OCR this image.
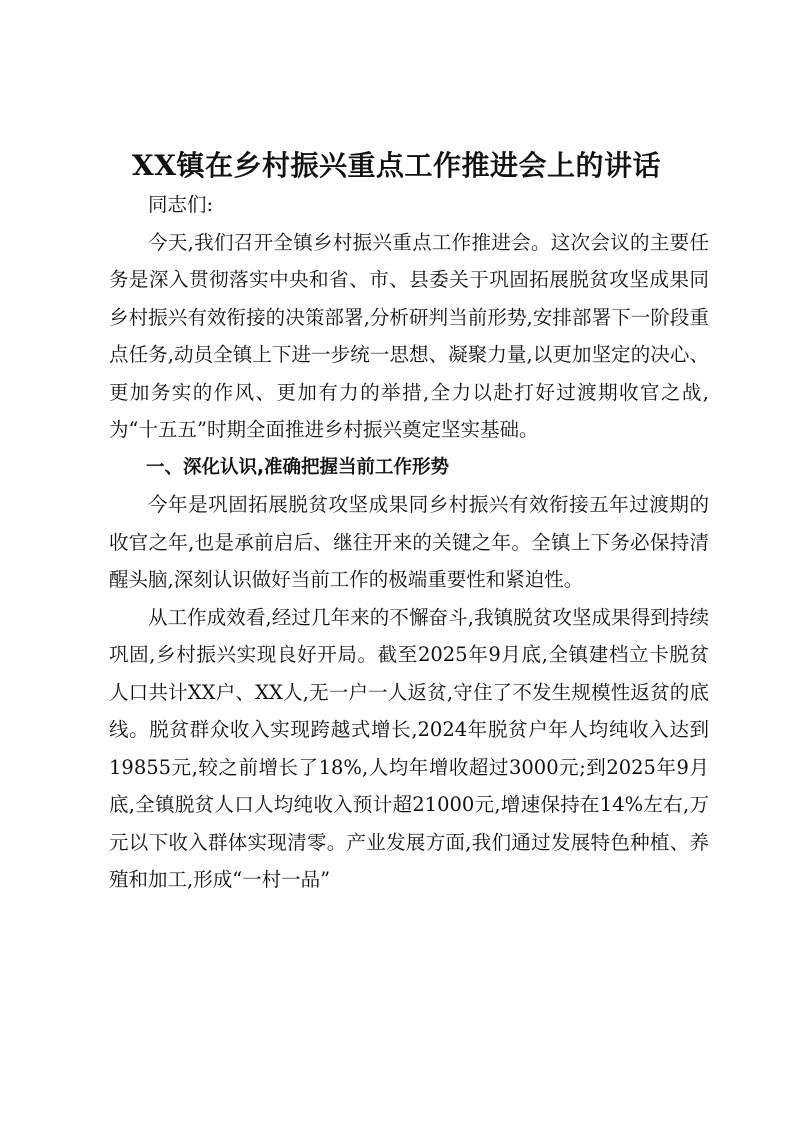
XX镇在乡村振兴重点工作推进会上的讲话

同志们:

今天,我们召开全镇乡村振兴重点工作推进会。这次会议的主要任务是深入贯彻落实中央和省、市、县委关于巩固拓展脱贫攻坚成果同乡村振兴有效衔接的决策部署,分析研判当前形势,安排部署下一阶段重点任务,动员全镇上下进一步统一思想、凝聚力量,以更加坚定的决心、更加务实的作风、更加有力的举措,全力以赴打好过渡期收官之战,为“十五五”时期全面推进乡村振兴奠定坚实基础。

一、深化认识,准确把握当前工作形势

今年是巩固拓展脱贫攻坚成果同乡村振兴有效衔接五年过渡期的收官之年,也是承前启后、继往开来的关键之年。全镇上下务必保持清醒头脑,深刻认识做好当前工作的极端重要性和紧迫性。

从工作成效看,经过几年来的不懈奋斗,我镇脱贫攻坚成果得到持续巩固,乡村振兴实现良好开局。截至2025年9月底,全镇建档立卡脱贫人口共计XX户、XX人,无一户一人返贫,守住了不发生规模性返贫的底线。脱贫群众收入实现跨越式增长,2024年脱贫户年人均纯收入达到19855元,较之前增长了18%,人均年增收超过3000元;到2025年9月底,全镇脱贫人口人均纯收入预计超21000元,增速保持在14%左右,万元以下收入群体实现清零。产业发展方面,我们通过发展特色种植、养殖和加工,形成“一村一品”
